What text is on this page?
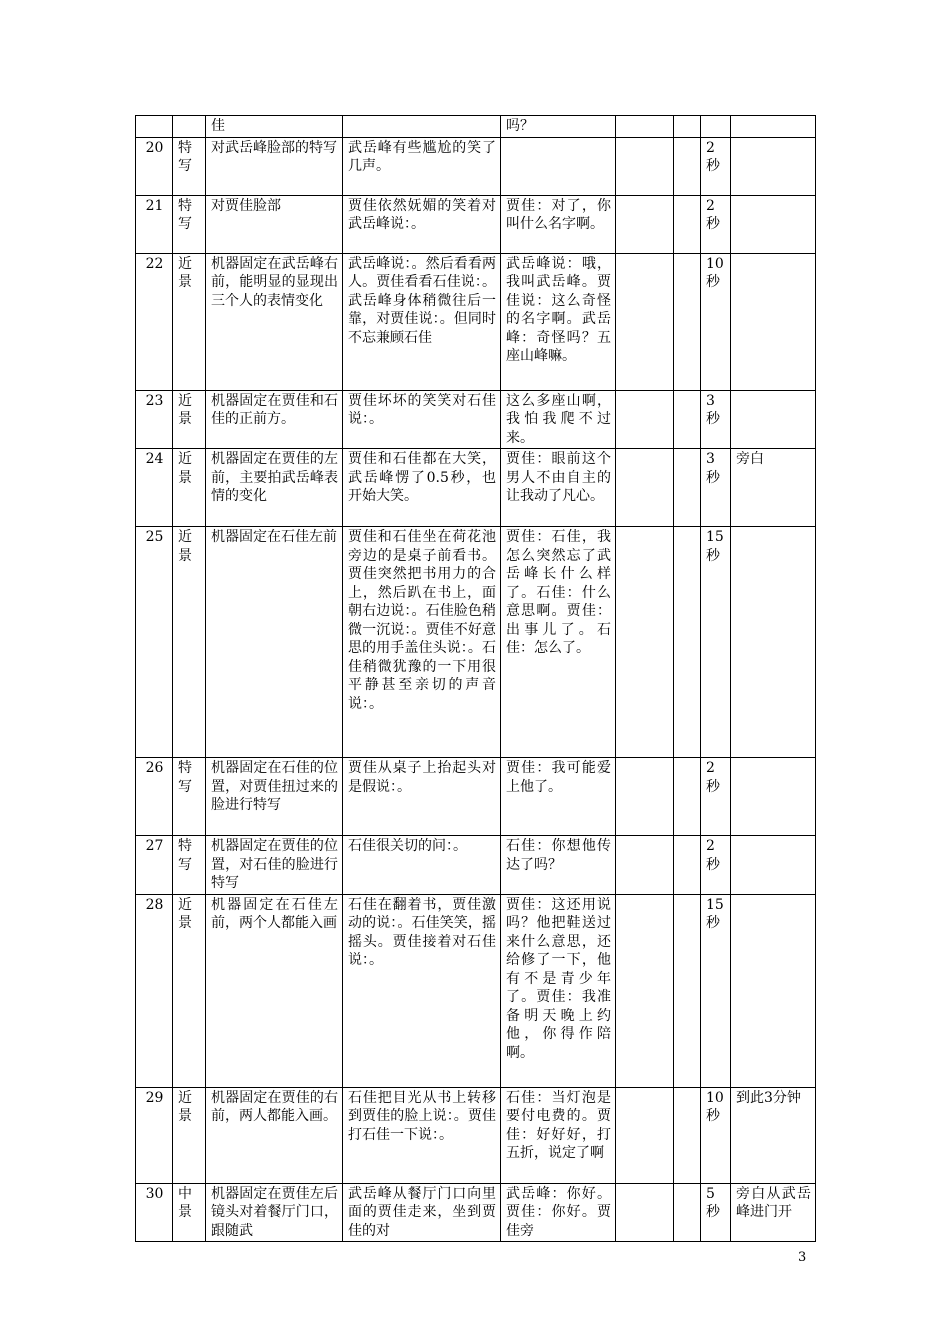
		佳		吗？				
20	特写	对武岳峰脸部的特写	武岳峰有些尴尬的笑了几声。				2秒	
21	特写	对贾佳脸部	贾佳依然妩媚的笑着对武岳峰说：。	贾佳：对了，你叫什么名字啊。			2秒	
22	近景	机器固定在武岳峰右前，能明显的显现出三个人的表情变化	武岳峰说：。然后看看两人。贾佳看看石佳说：。武岳峰身体稍微往后一靠，对贾佳说：。但同时不忘兼顾石佳	武岳峰说：哦，我叫武岳峰。贾佳说：这么奇怪的名字啊。武岳峰：奇怪吗？五座山峰嘛。			10秒	
23	近景	机器固定在贾佳和石佳的正前方。	贾佳坏坏的笑笑对石佳说：。	这么多座山啊，我怕我爬不过来。			3秒	
24	近景	机器固定在贾佳的左前，主要拍武岳峰表情的变化	贾佳和石佳都在大笑，武岳峰愣了0.5秒，也开始大笑。	贾佳：眼前这个男人不由自主的让我动了凡心。			3秒	旁白
25	近景	机器固定在石佳左前	贾佳和石佳坐在荷花池旁边的是桌子前看书。贾佳突然把书用力的合上，然后趴在书上，面朝右边说：。石佳脸色稍微一沉说：。贾佳不好意思的用手盖住头说：。石佳稍微犹豫的一下用很平静甚至亲切的声音说：。	贾佳：石佳，我怎么突然忘了武岳峰长什么样了。石佳：什么意思啊。贾佳：出事儿了。石佳：怎么了。			15秒	
26	特写	机器固定在石佳的位置，对贾佳扭过来的脸进行特写	贾佳从桌子上抬起头对是假说：。	贾佳：我可能爱上他了。			2秒	
27	特写	机器固定在贾佳的位置，对石佳的脸进行特写	石佳很关切的问：。	石佳：你想他传达了吗？			2秒	
28	近景	机器固定在石佳左前，两个人都能入画	石佳在翻着书，贾佳激动的说：。石佳笑笑，摇摇头。贾佳接着对石佳说：。	贾佳：这还用说吗？他把鞋送过来什么意思，还给修了一下，他有不是青少年了。贾佳：我准备明天晚上约他，你得作陪啊。			15秒	
29	近景	机器固定在贾佳的右前，两人都能入画。	石佳把目光从书上转移到贾佳的脸上说：。贾佳打石佳一下说：。	石佳：当灯泡是要付电费的。贾佳：好好好，打五折，说定了啊			10秒	到此3分钟
30	中景	机器固定在贾佳左后镜头对着餐厅门口，跟随武	武岳峰从餐厅门口向里面的贾佳走来，坐到贾佳的对	武岳峰：你好。贾佳：你好。贾佳旁			5秒	旁白从武岳峰进门开
3
